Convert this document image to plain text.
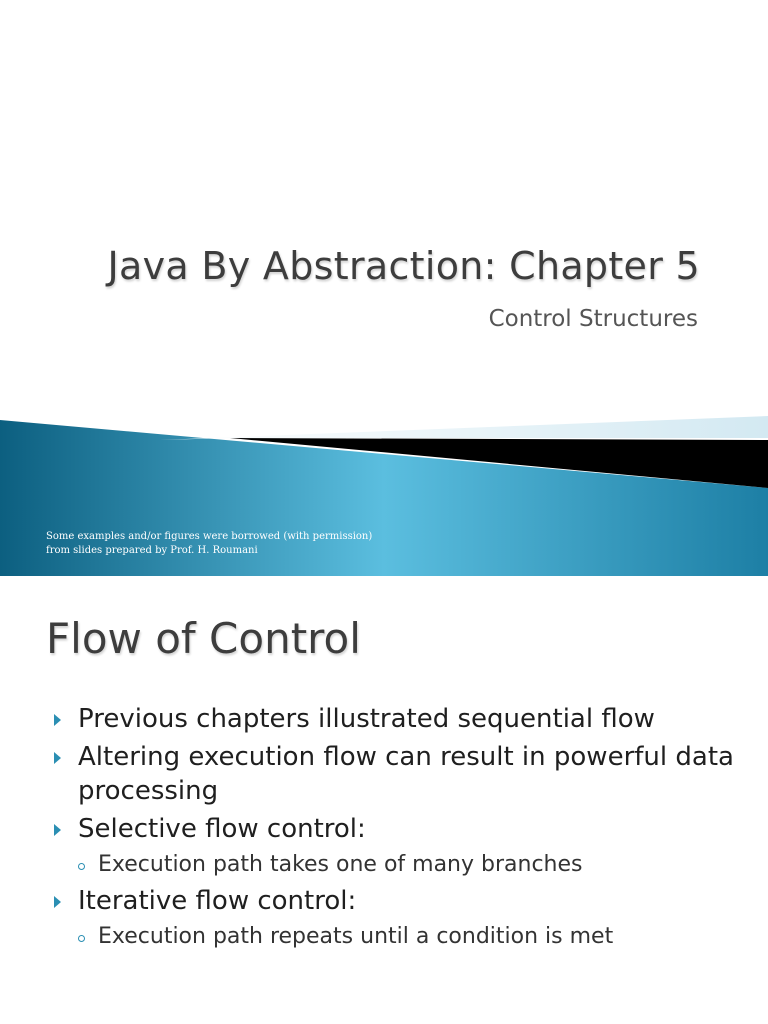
Java By Abstraction: Chapter 5

Control Structures

Some examples and/or figures were borrowed (with permission)
from slides prepared by Prof. H. Roumani
Flow of Control
Previous chapters illustrated sequential flow
Altering execution flow can result in powerful data processing
Selective flow control:
Execution path takes one of many branches
Iterative flow control:
Execution path repeats until a condition is met
